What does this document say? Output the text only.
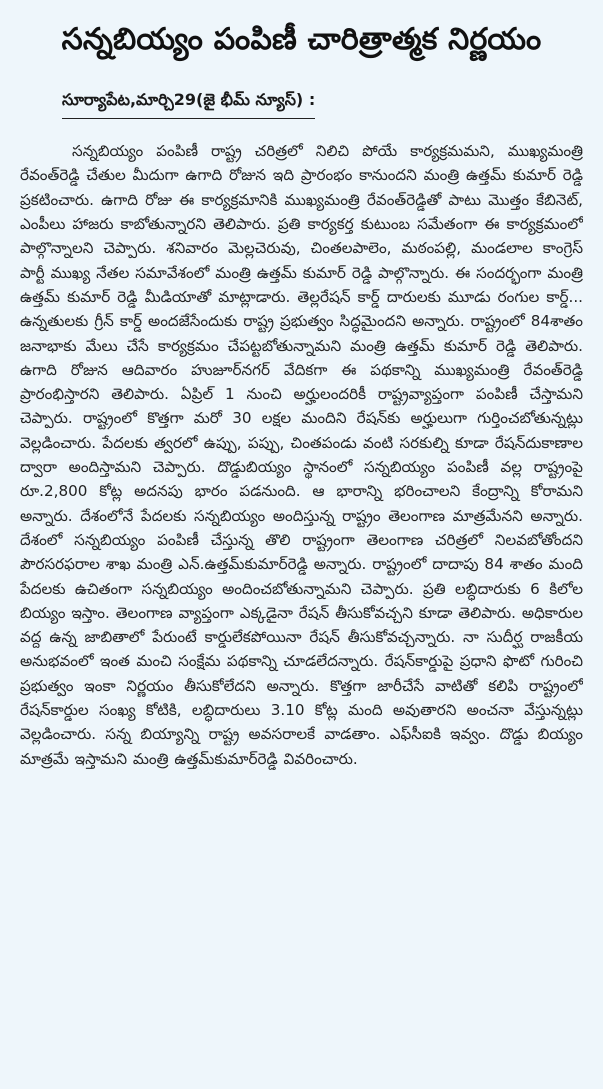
సన్నబియ్యం పంపిణీ చారిత్రాత్మక నిర్ణయం
సూర్యాపేట,మార్చి29(జై భీమ్ న్యూస్) :

సన్నబియ్యం పంపిణీ రాష్ట్ర చరిత్రలో నిలిచి పోయే కార్యక్రమమని, ముఖ్యమంత్రి రేవంత్‌రెడ్డి చేతుల మీదుగా ఉగాది రోజున ఇది ప్రారంభం కానుందని మంత్రి ఉత్తమ్ కుమార్ రెడ్డి ప్రకటించారు. ఉగాది రోజు ఈ కార్యక్రమానికి ముఖ్యమంత్రి రేవంత్‌రెడ్డితో పాటు మొత్తం కేబినెట్, ఎంపీలు హాజరు కాబోతున్నారని తెలిపారు. ప్రతి కార్యకర్త కుటుంబ సమేతంగా ఈ కార్యక్రమంలో పాల్గొన్నాలని చెప్పారు. శనివారం మెల్లచెరువు, చింతలపాలెం, మఠంపల్లి, మండలాల కాంగ్రెస్ పార్టీ ముఖ్య నేతల సమావేశంలో మంత్రి ఉత్తమ్ కుమార్ రెడ్డి పాల్గొన్నారు. ఈ సందర్భంగా మంత్రి ఉత్తమ్ కుమార్ రెడ్డి మీడియాతో మాట్లాడారు. తెల్లరేషన్ కార్డ్ దారులకు మూడు రంగుల కార్డ్... ఉన్నతులకు గ్రీన్ కార్డ్ అందజేసేందుకు రాష్ట్ర ప్రభుత్వం సిద్ధమైందని అన్నారు. రాష్ట్రంలో 84శాతం జనాభాకు మేలు చేసే కార్యక్రమం చేపట్టబోతున్నామని మంత్రి ఉత్తమ్ కుమార్ రెడ్డి తెలిపారు. ఉగాది రోజున ఆదివారం హుజూర్‌నగర్ వేదికగా ఈ పథకాన్ని ముఖ్యమంత్రి రేవంత్‌రెడ్డి ప్రారంభిస్తారని తెలిపారు. ఏప్రిల్ 1 నుంచి అర్హులందరికీ రాష్ట్రవ్యాప్తంగా పంపిణీ చేస్తామని చెప్పారు. రాష్ట్రంలో కొత్తగా మరో 30 లక్షల మందిని రేషన్‌కు అర్హులుగా గుర్తించబోతున్నట్లు వెల్లడించారు. పేదలకు త్వరలో ఉప్పు, పప్పు, చింతపండు వంటి సరకుల్ని కూడా రేషన్‌దుకాణాల ద్వారా అందిస్తామని చెప్పారు. దొడ్డుబియ్యం స్థానంలో సన్నబియ్యం పంపిణీ వల్ల రాష్ట్రంపై రూ.2,800 కోట్ల అదనపు భారం పడనుంది. ఆ భారాన్ని భరించాలని కేంద్రాన్ని కోరామని అన్నారు. దేశంలోనే పేదలకు సన్నబియ్యం అందిస్తున్న రాష్ట్రం తెలంగాణ మాత్రమేనని అన్నారు. దేశంలో సన్నబియ్యం పంపిణీ చేస్తున్న తొలి రాష్ట్రంగా తెలంగాణ చరిత్రలో నిలవబోతోందని పౌరసరఫరాల శాఖ మంత్రి ఎన్.ఉత్తమ్‌కుమార్‌రెడ్డి అన్నారు. రాష్ట్రంలో దాదాపు 84 శాతం మంది పేదలకు ఉచితంగా సన్నబియ్యం అందించబోతున్నామని చెప్పారు. ప్రతి లబ్ధిదారుకు 6 కిలోల బియ్యం ఇస్తాం. తెలంగాణ వ్యాప్తంగా ఎక్కడైనా రేషన్ తీసుకోవచ్చని కూడా తెలిపారు. అధికారుల వద్ద ఉన్న జాబితాలో పేరుంటే కార్డులేకపోయినా రేషన్ తీసుకోవచ్చన్నారు. నా సుదీర్ఘ రాజకీయ అనుభవంలో ఇంత మంచి సంక్షేమ పథకాన్ని చూడలేదన్నారు. రేషన్‌కార్డుపై ప్రధాని ఫొటో గురించి ప్రభుత్వం ఇంకా నిర్ణయం తీసుకోలేదని అన్నారు. కొత్తగా జారీచేసే వాటితో కలిపి రాష్ట్రంలో రేషన్‌కార్డుల సంఖ్య కోటికి, లబ్ధిదారులు 3.10 కోట్ల మంది అవుతారని అంచనా వేస్తున్నట్లు వెల్లడించారు. సన్న బియ్యాన్ని రాష్ట్ర అవసరాలకే వాడతాం. ఎఫ్‌సీఐకి ఇవ్వం. దొడ్డు బియ్యం మాత్రమే ఇస్తామని మంత్రి ఉత్తమ్‌కుమార్‌రెడ్డి వివరించారు.
